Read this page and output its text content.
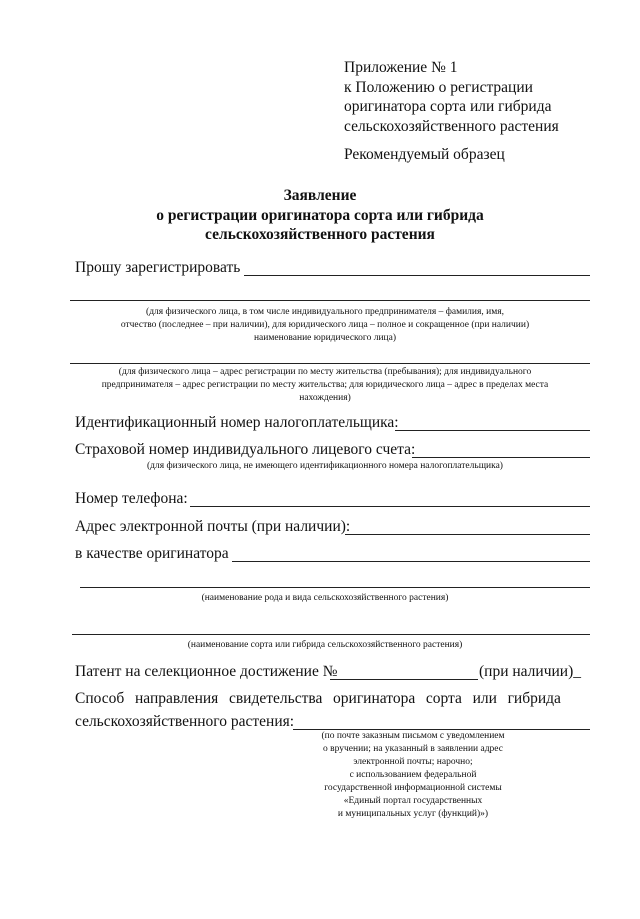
Приложение № 1
к Положению о регистрации
оригинатора сорта или гибрида
сельскохозяйственного растения
Рекомендуемый образец
Заявление
о регистрации оригинатора сорта или гибрида
сельскохозяйственного растения
Прошу зарегистрировать
(для физического лица, в том числе индивидуального предпринимателя – фамилия, имя,
отчество (последнее – при наличии), для юридического лица – полное и сокращенное (при наличии)
наименование юридического лица)
(для физического лица – адрес регистрации по месту жительства (пребывания); для индивидуального
предпринимателя – адрес регистрации по месту жительства; для юридического лица – адрес в пределах места
нахождения)
Идентификационный номер налогоплательщика:
Страховой номер индивидуального лицевого счета:
(для физического лица, не имеющего идентификационного номера налогоплательщика)
Номер телефона:
Адрес электронной почты (при наличии):
в качестве оригинатора
(наименование рода и вида сельскохозяйственного растения)
(наименование сорта или гибрида сельскохозяйственного растения)
Патент на селекционное достижение №	(при наличии)_
Способ направления свидетельства оригинатора сорта или гибрида
сельскохозяйственного растения:
(по почте заказным письмом с уведомлением
о вручении; на указанный в заявлении адрес
электронной почты; нарочно;
с использованием федеральной
государственной информационной системы
«Единый портал государственных
и муниципальных услуг (функций)»)
